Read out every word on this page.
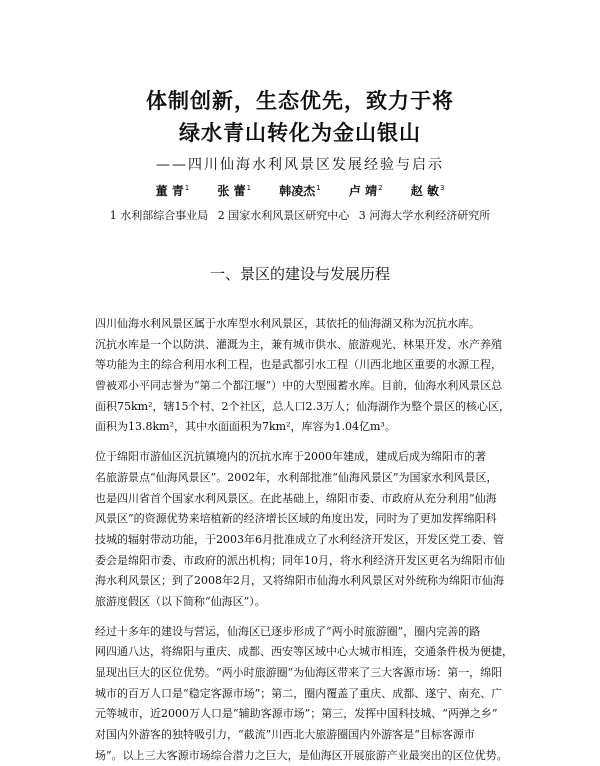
体制创新，生态优先，致力于将
绿水青山转化为金山银山
——四川仙海水利风景区发展经验与启示
董 青$^1$ 张 蕾$^1$ 韩凌杰$^1$ 卢 靖$^2$ 赵 敏$^3$
1 水利部综合事业局 2 国家水利风景区研究中心 3 河海大学水利经济研究所
一、景区的建设与发展历程
四川仙海水利风景区属于水库型水利风景区，其依托的仙海湖又称为沉抗水库。
沉抗水库是一个以防洪、灌溉为主，兼有城市供水、旅游观光、林果开发、水产养殖
等功能为主的综合利用水利工程，也是武都引水工程（川西北地区重要的水源工程，
曾被邓小平同志誉为“第二个都江堰”）中的大型囤蓄水库。目前，仙海水利风景区总
面积75km²，辖15个村、2个社区，总人口2.3万人；仙海湖作为整个景区的核心区，
面积为13.8km²，其中水面面积为7km²，库容为1.04亿m³。
位于绵阳市游仙区沉抗镇境内的沉抗水库于2000年建成，建成后成为绵阳市的著
名旅游景点“仙海风景区”。2002年，水利部批准“仙海风景区”为国家水利风景区，
也是四川省首个国家水利风景区。在此基础上，绵阳市委、市政府从充分利用“仙海
风景区”的资源优势来培植新的经济增长区域的角度出发，同时为了更加发挥绵阳科
技城的辐射带动功能，于2003年6月批准成立了水利经济开发区，开发区党工委、管
委会是绵阳市委、市政府的派出机构；同年10月，将水利经济开发区更名为绵阳市仙
海水利风景区；到了2008年2月，又将绵阳市仙海水利风景区对外统称为绵阳市仙海
旅游度假区（以下简称“仙海区”）。
经过十多年的建设与营运，仙海区已逐步形成了“两小时旅游圈”，圈内完善的路
网四通八达，将绵阳与重庆、成都、西安等区域中心大城市相连，交通条件极为便捷，
显现出巨大的区位优势。“两小时旅游圈”为仙海区带来了三大客源市场：第一，绵阳
城市的百万人口是“稳定客源市场”；第二，圈内覆盖了重庆、成都、遂宁、南充、广
元等城市，近2000万人口是“辅助客源市场”；第三，发挥中国科技城、“两弹之乡”
对国内外游客的独特吸引力，“截流”川西北大旅游圈国内外游客是“目标客源市
场”。以上三大客源市场综合潜力之巨大，是仙海区开展旅游产业最突出的区位优势。
